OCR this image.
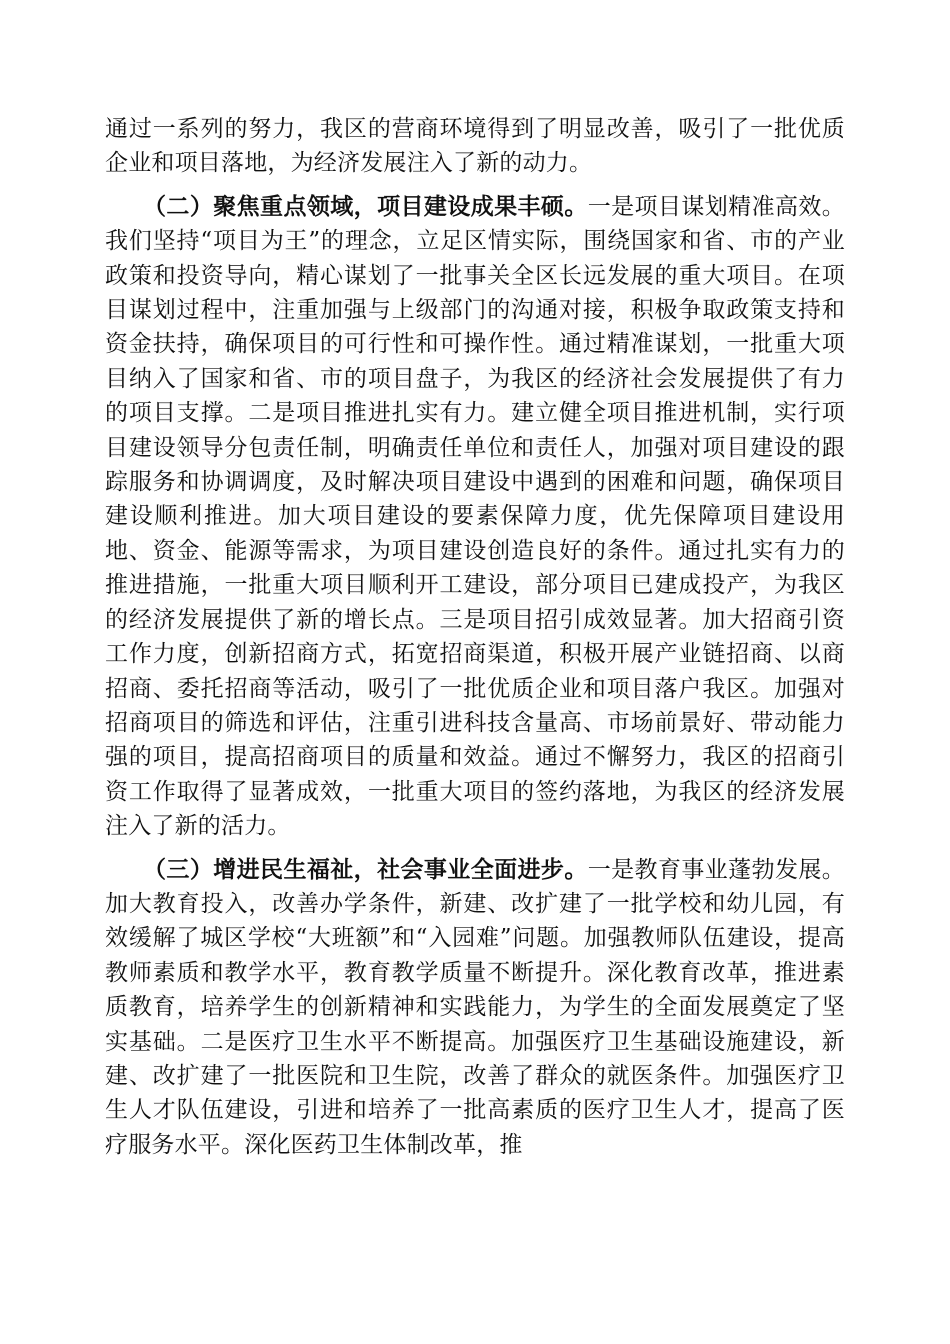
通过一系列的努力，我区的营商环境得到了明显改善，吸引了一批优质企业和项目落地，为经济发展注入了新的动力。

（二）聚焦重点领域，项目建设成果丰硕。一是项目谋划精准高效。我们坚持“项目为王”的理念，立足区情实际，围绕国家和省、市的产业政策和投资导向，精心谋划了一批事关全区长远发展的重大项目。在项目谋划过程中，注重加强与上级部门的沟通对接，积极争取政策支持和资金扶持，确保项目的可行性和可操作性。通过精准谋划，一批重大项目纳入了国家和省、市的项目盘子，为我区的经济社会发展提供了有力的项目支撑。二是项目推进扎实有力。建立健全项目推进机制，实行项目建设领导分包责任制，明确责任单位和责任人，加强对项目建设的跟踪服务和协调调度，及时解决项目建设中遇到的困难和问题，确保项目建设顺利推进。加大项目建设的要素保障力度，优先保障项目建设用地、资金、能源等需求，为项目建设创造良好的条件。通过扎实有力的推进措施，一批重大项目顺利开工建设，部分项目已建成投产，为我区的经济发展提供了新的增长点。三是项目招引成效显著。加大招商引资工作力度，创新招商方式，拓宽招商渠道，积极开展产业链招商、以商招商、委托招商等活动，吸引了一批优质企业和项目落户我区。加强对招商项目的筛选和评估，注重引进科技含量高、市场前景好、带动能力强的项目，提高招商项目的质量和效益。通过不懈努力，我区的招商引资工作取得了显著成效，一批重大项目的签约落地，为我区的经济发展注入了新的活力。

（三）增进民生福祉，社会事业全面进步。一是教育事业蓬勃发展。加大教育投入，改善办学条件，新建、改扩建了一批学校和幼儿园，有效缓解了城区学校“大班额”和“入园难”问题。加强教师队伍建设，提高教师素质和教学水平，教育教学质量不断提升。深化教育改革，推进素质教育，培养学生的创新精神和实践能力，为学生的全面发展奠定了坚实基础。二是医疗卫生水平不断提高。加强医疗卫生基础设施建设，新建、改扩建了一批医院和卫生院，改善了群众的就医条件。加强医疗卫生人才队伍建设，引进和培养了一批高素质的医疗卫生人才，提高了医疗服务水平。深化医药卫生体制改革，推
